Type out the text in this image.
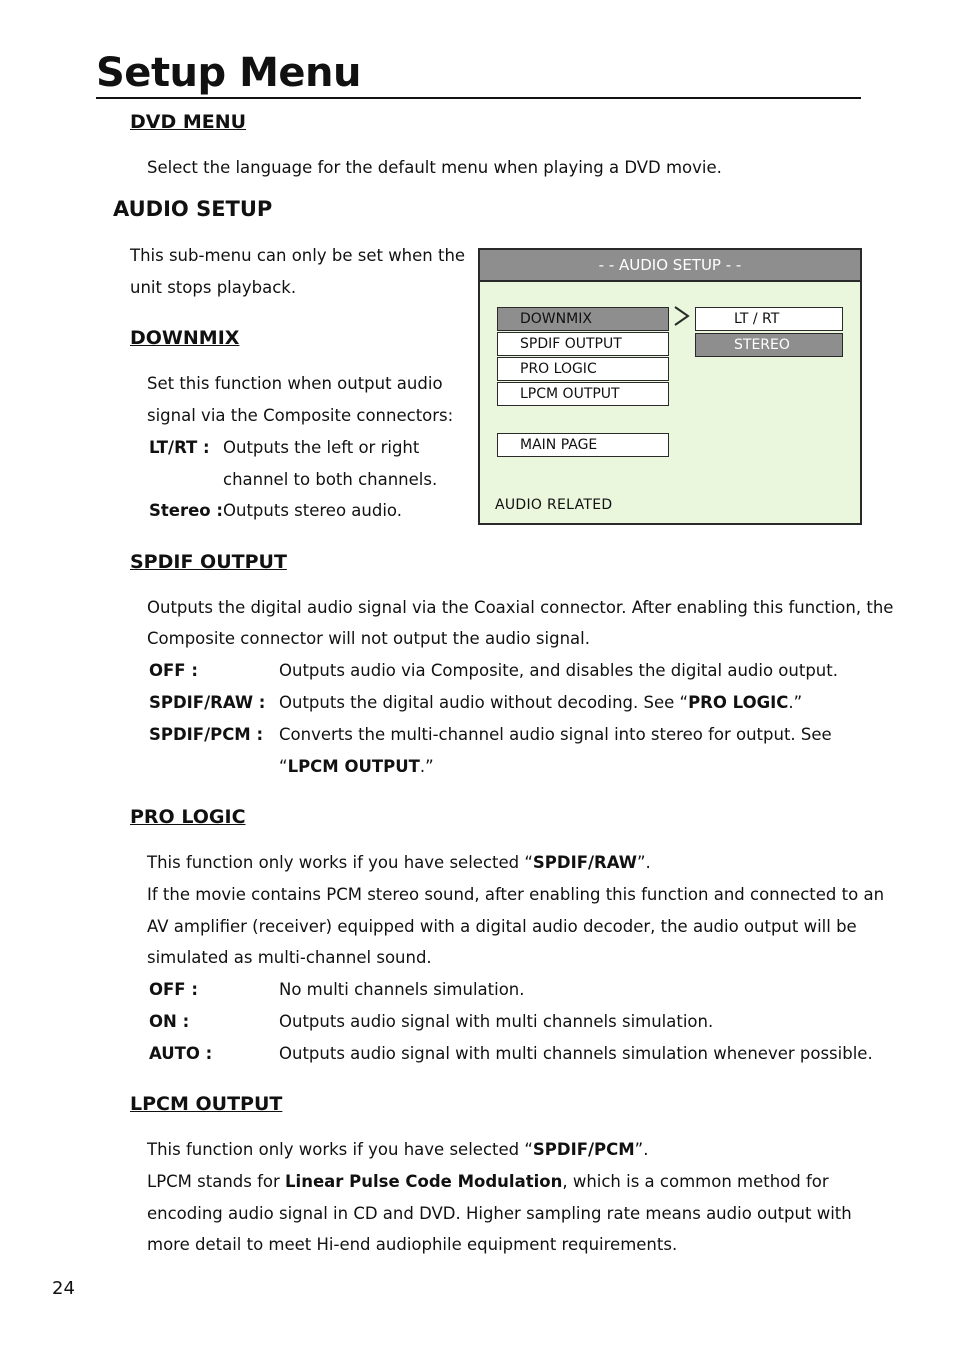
Setup Menu
DVD MENU
Select the language for the default menu when playing a DVD movie.
AUDIO SETUP
This sub-menu can only be set when the
unit stops playback.
DOWNMIX
Set this function when output audio
signal via the Composite connectors:
LT/RT : Outputs the left or right
channel to both channels.
Stereo : Outputs stereo audio.
- - AUDIO SETUP - -
DOWNMIX
SPDIF OUTPUT
PRO LOGIC
LPCM OUTPUT
MAIN PAGE
LT / RT
STEREO
AUDIO RELATED
SPDIF OUTPUT
Outputs the digital audio signal via the Coaxial connector. After enabling this function, the
Composite connector will not output the audio signal.
OFF :	Outputs audio via Composite, and disables the digital audio output.
SPDIF/RAW : Outputs the digital audio without decoding. See “PRO LOGIC.”
SPDIF/PCM : Converts the multi-channel audio signal into stereo for output. See
“LPCM OUTPUT.”
PRO LOGIC
This function only works if you have selected “SPDIF/RAW”.
If the movie contains PCM stereo sound, after enabling this function and connected to an
AV amplifier (receiver) equipped with a digital audio decoder, the audio output will be
simulated as multi-channel sound.
OFF :	No multi channels simulation.
ON :	Outputs audio signal with multi channels simulation.
AUTO :	Outputs audio signal with multi channels simulation whenever possible.
LPCM OUTPUT
This function only works if you have selected “SPDIF/PCM”.
LPCM stands for Linear Pulse Code Modulation, which is a common method for
encoding audio signal in CD and DVD. Higher sampling rate means audio output with
more detail to meet Hi-end audiophile equipment requirements.
24
